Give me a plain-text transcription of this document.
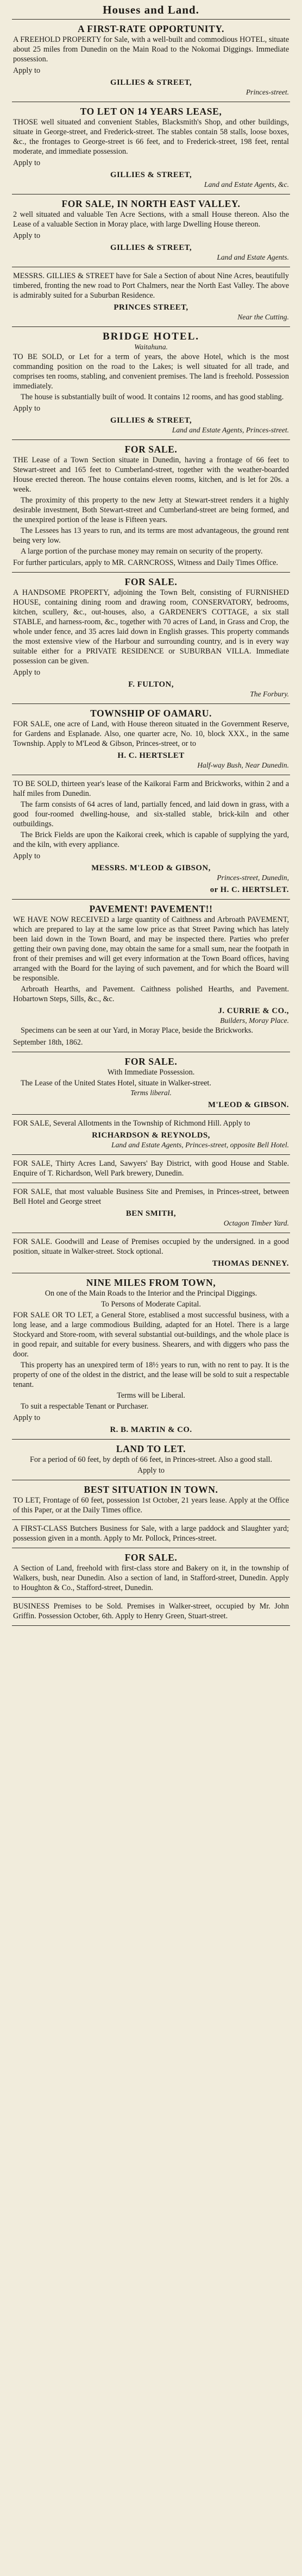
Houses and Land.
A FIRST-RATE OPPORTUNITY.

A FREEHOLD PROPERTY for Sale, with a well-built and commodious HOTEL, situate about 25 miles from Dunedin on the Main Road to the Nokomai Diggings. Immediate possession.

Apply to
GILLIES & STREET,
Princes-street.
TO LET ON 14 YEARS LEASE,

THOSE well situated and convenient Stables, Blacksmith's Shop, and other buildings, situate in George-street, and Frederick-street. The stables contain 58 stalls, loose boxes, &c., the frontages to George-street is 66 feet, and to Frederick-street, 198 feet, rental moderate, and immediate possession.

Apply to
GILLIES & STREET,
Land and Estate Agents, &c.
FOR SALE, IN NORTH EAST VALLEY.

2 well situated and valuable Ten Acre Sections, with a small House thereon. Also the Lease of a valuable Section in Moray place, with large Dwelling House thereon.

Apply to
GILLIES & STREET,
Land and Estate Agents.

MESSRS. GILLIES & STREET have for Sale a Section of about Nine Acres, beautifully timbered, fronting the new road to Port Chalmers, near the North East Valley. The above is admirably suited for a Suburban Residence.

PRINCES STREET,
Near the Cutting.
BRIDGE HOTEL.
Waitahuna.

TO BE SOLD, or Let for a term of years, the above Hotel, which is the most commanding position on the road to the Lakes; is well situated for all trade, and comprises ten rooms, stabling, and convenient premises. The land is freehold. Possession immediately.

The house is substantially built of wood. It contains 12 rooms, and has good stabling.

Apply to
GILLIES & STREET,
Land and Estate Agents, Princes-street.
FOR SALE.

THE Lease of a Town Section situate in Dunedin, having a frontage of 66 feet to Stewart-street and 165 feet to Cumberland-street, together with the weather-boarded House erected thereon. The house contains eleven rooms, kitchen, and is let for 20s. a week.

The proximity of this property to the new Jetty at Stewart-street renders it a highly desirable investment, Both Stewart-street and Cumberland-street are being formed, and the unexpired portion of the lease is Fifteen years.

The Lessees has 13 years to run, and its terms are most advantageous, the ground rent being very low.

A large portion of the purchase money may remain on security of the property.

For further particulars, apply to MR. CARNCROSS, Witness and Daily Times Office.
FOR SALE.

A HANDSOME PROPERTY, adjoining the Town Belt, consisting of FURNISHED HOUSE, containing dining room and drawing room, CONSERVATORY, bedrooms, kitchen, scullery, &c., out-houses, also, a GARDENER'S COTTAGE, a six stall STABLE, and harness-room, &c., together with 70 acres of Land, in Grass and Crop, the whole under fence, and 35 acres laid down in English grasses. This property commands the most extensive view of the Harbour and surrounding country, and is in every way suitable either for a PRIVATE RESIDENCE or SUBURBAN VILLA. Immediate possession can be given.

Apply to
F. FULTON,
The Forbury.
TOWNSHIP OF OAMARU.

FOR SALE, one acre of Land, with House thereon situated in the Government Reserve, for Gardens and Esplanade. Also, one quarter acre, No. 10, block XXX., in the same Township. Apply to M'Leod & Gibson, Princes-street, or to

H. C. HERTSLET
Half-way Bush, Near Dunedin.

TO BE SOLD, thirteen year's lease of the Kaikorai Farm and Brickworks, within 2 and a half miles from Dunedin.

The farm consists of 64 acres of land, partially fenced, and laid down in grass, with a good four-roomed dwelling-house, and six-stalled stable, brick-kiln and other outbuildings.

The Brick Fields are upon the Kaikorai creek, which is capable of supplying the yard, and the kiln, with every appliance.

Apply to
MESSRS. M'LEOD & GIBSON,
Princes-street, Dunedin,
or H. C. HERTSLET.
PAVEMENT! PAVEMENT!!

WE HAVE NOW RECEIVED a large quantity of Caithness and Arbroath PAVEMENT, which are prepared to lay at the same low price as that Street Paving which has lately been laid down in the Town Board, and may be inspected there. Parties who prefer getting their own paving done, may obtain the same for a small sum, near the footpath in front of their premises and will get every information at the Town Board offices, having arranged with the Board for the laying of such pavement, and for which the Board will be responsible.

Arbroath Hearths, and Pavement. Caithness polished Hearths, and Pavement. Hobartown Steps, Sills, &c., &c.

J. CURRIE & CO.,
Builders, Moray Place.

Specimens can be seen at our Yard, in Moray Place, beside the Brickworks.

September 18th, 1862.
FOR SALE.

With Immediate Possession.

The Lease of the United States Hotel, situate in Walker-street.

Terms liberal.
M'LEOD & GIBSON.

FOR SALE, Several Allotments in the Township of Richmond Hill. Apply to

RICHARDSON & REYNOLDS,
Land and Estate Agents, Princes-street, opposite Bell Hotel.

FOR SALE, Thirty Acres Land, Sawyers' Bay District, with good House and Stable. Enquire of T. Richardson, Well Park brewery, Dunedin.

FOR SALE, that most valuable Business Site and Premises, in Princes-street, between Bell Hotel and George street

BEN SMITH,
Octagon Timber Yard.

FOR SALE. Goodwill and Lease of Premises occupied by the undersigned. in a good position, situate in Walker-street. Stock optional.

THOMAS DENNEY.
NINE MILES FROM TOWN,

On one of the Main Roads to the Interior and the Principal Diggings.

To Persons of Moderate Capital.

FOR SALE OR TO LET, a General Store, establised a most successful business, with a long lease, and a large commodious Building, adapted for an Hotel. There is a large Stockyard and Store-room, with several substantial out-buildings, and the whole place is in good repair, and suitable for every business. Shearers, and with diggers who pass the door.

This property has an unexpired term of 18½ years to run, with no rent to pay. It is the property of one of the oldest in the district, and the lease will be sold to suit a respectable tenant.

Terms will be Liberal.

To suit a respectable Tenant or Purchaser.

Apply to
R. B. MARTIN & CO.
LAND TO LET.

For a period of 60 feet, by depth of 66 feet, in Princes-street. Also a good stall.

Apply to

BEST SITUATION IN TOWN.

TO LET, Frontage of 60 feet, possession 1st October, 21 years lease. Apply at the Office of this Paper, or at the Daily Times office.

A FIRST-CLASS Butchers Business for Sale, with a large paddock and Slaughter yard; possession given in a month. Apply to Mr. Pollock, Princes-street.

FOR SALE.

A Section of Land, freehold with first-class store and Bakery on it, in the township of Walkers, bush, near Dunedin. Also a section of land, in Stafford-street, Dunedin. Apply to Houghton & Co., Stafford-street, Dunedin.

BUSINESS Premises to be Sold. Premises in Walker-street, occupied by Mr. John Griffin. Possession October, 6th. Apply to Henry Green, Stuart-street.
